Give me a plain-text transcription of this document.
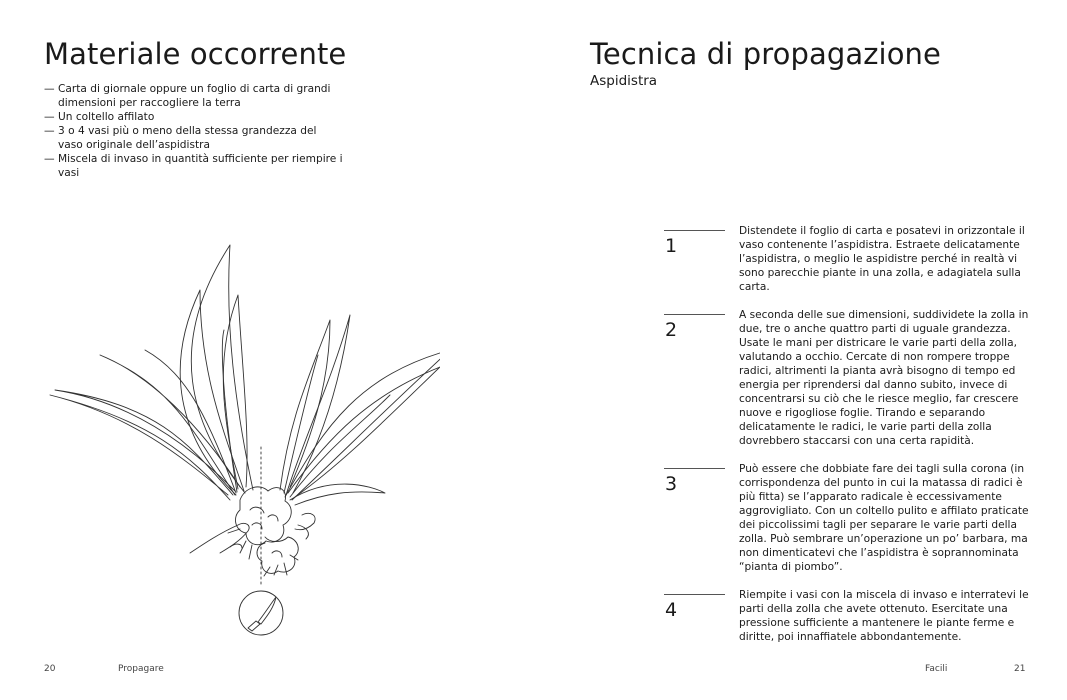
Materiale occorrente
— Carta di giornale oppure un foglio di carta di grandi dimensioni per raccogliere la terra
— Un coltello affilato
— 3 o 4 vasi più o meno della stessa grandezza del vaso originale dell’aspidistra
— Miscela di invaso in quantità sufficiente per riempire i vasi
Tecnica di propagazione
Aspidistra
1
Distendete il foglio di carta e posatevi in orizzontale il vaso contenente l’aspidistra. Estraete delicatamente l’aspidistra, o meglio le aspidistre perché in realtà vi sono parecchie piante in una zolla, e adagiatela sulla carta.
2
A seconda delle sue dimensioni, suddividete la zolla in due, tre o anche quattro parti di uguale grandezza. Usate le mani per districare le varie parti della zolla, valutando a occhio. Cercate di non rompere troppe radici, altrimenti la pianta avrà bisogno di tempo ed energia per riprendersi dal danno subito, invece di concentrarsi su ciò che le riesce meglio, far crescere nuove e rigogliose foglie. Tirando e separando delicatamente le radici, le varie parti della zolla dovrebbero staccarsi con una certa rapidità.
3
Può essere che dobbiate fare dei tagli sulla corona (in corrispondenza del punto in cui la matassa di radici è più fitta) se l’apparato radicale è eccessivamente aggrovigliato. Con un coltello pulito e affilato praticate dei piccolissimi tagli per separare le varie parti della zolla. Può sembrare un’operazione un po’ barbara, ma non dimenticatevi che l’aspidistra è soprannominata “pianta di piombo”.
4
Riempite i vasi con la miscela di invaso e interratevi le parti della zolla che avete ottenuto. Esercitate una pressione sufficiente a mantenere le piante ferme e diritte, poi innaffiatele abbondantemente.
20	Propagare	Facili	21
